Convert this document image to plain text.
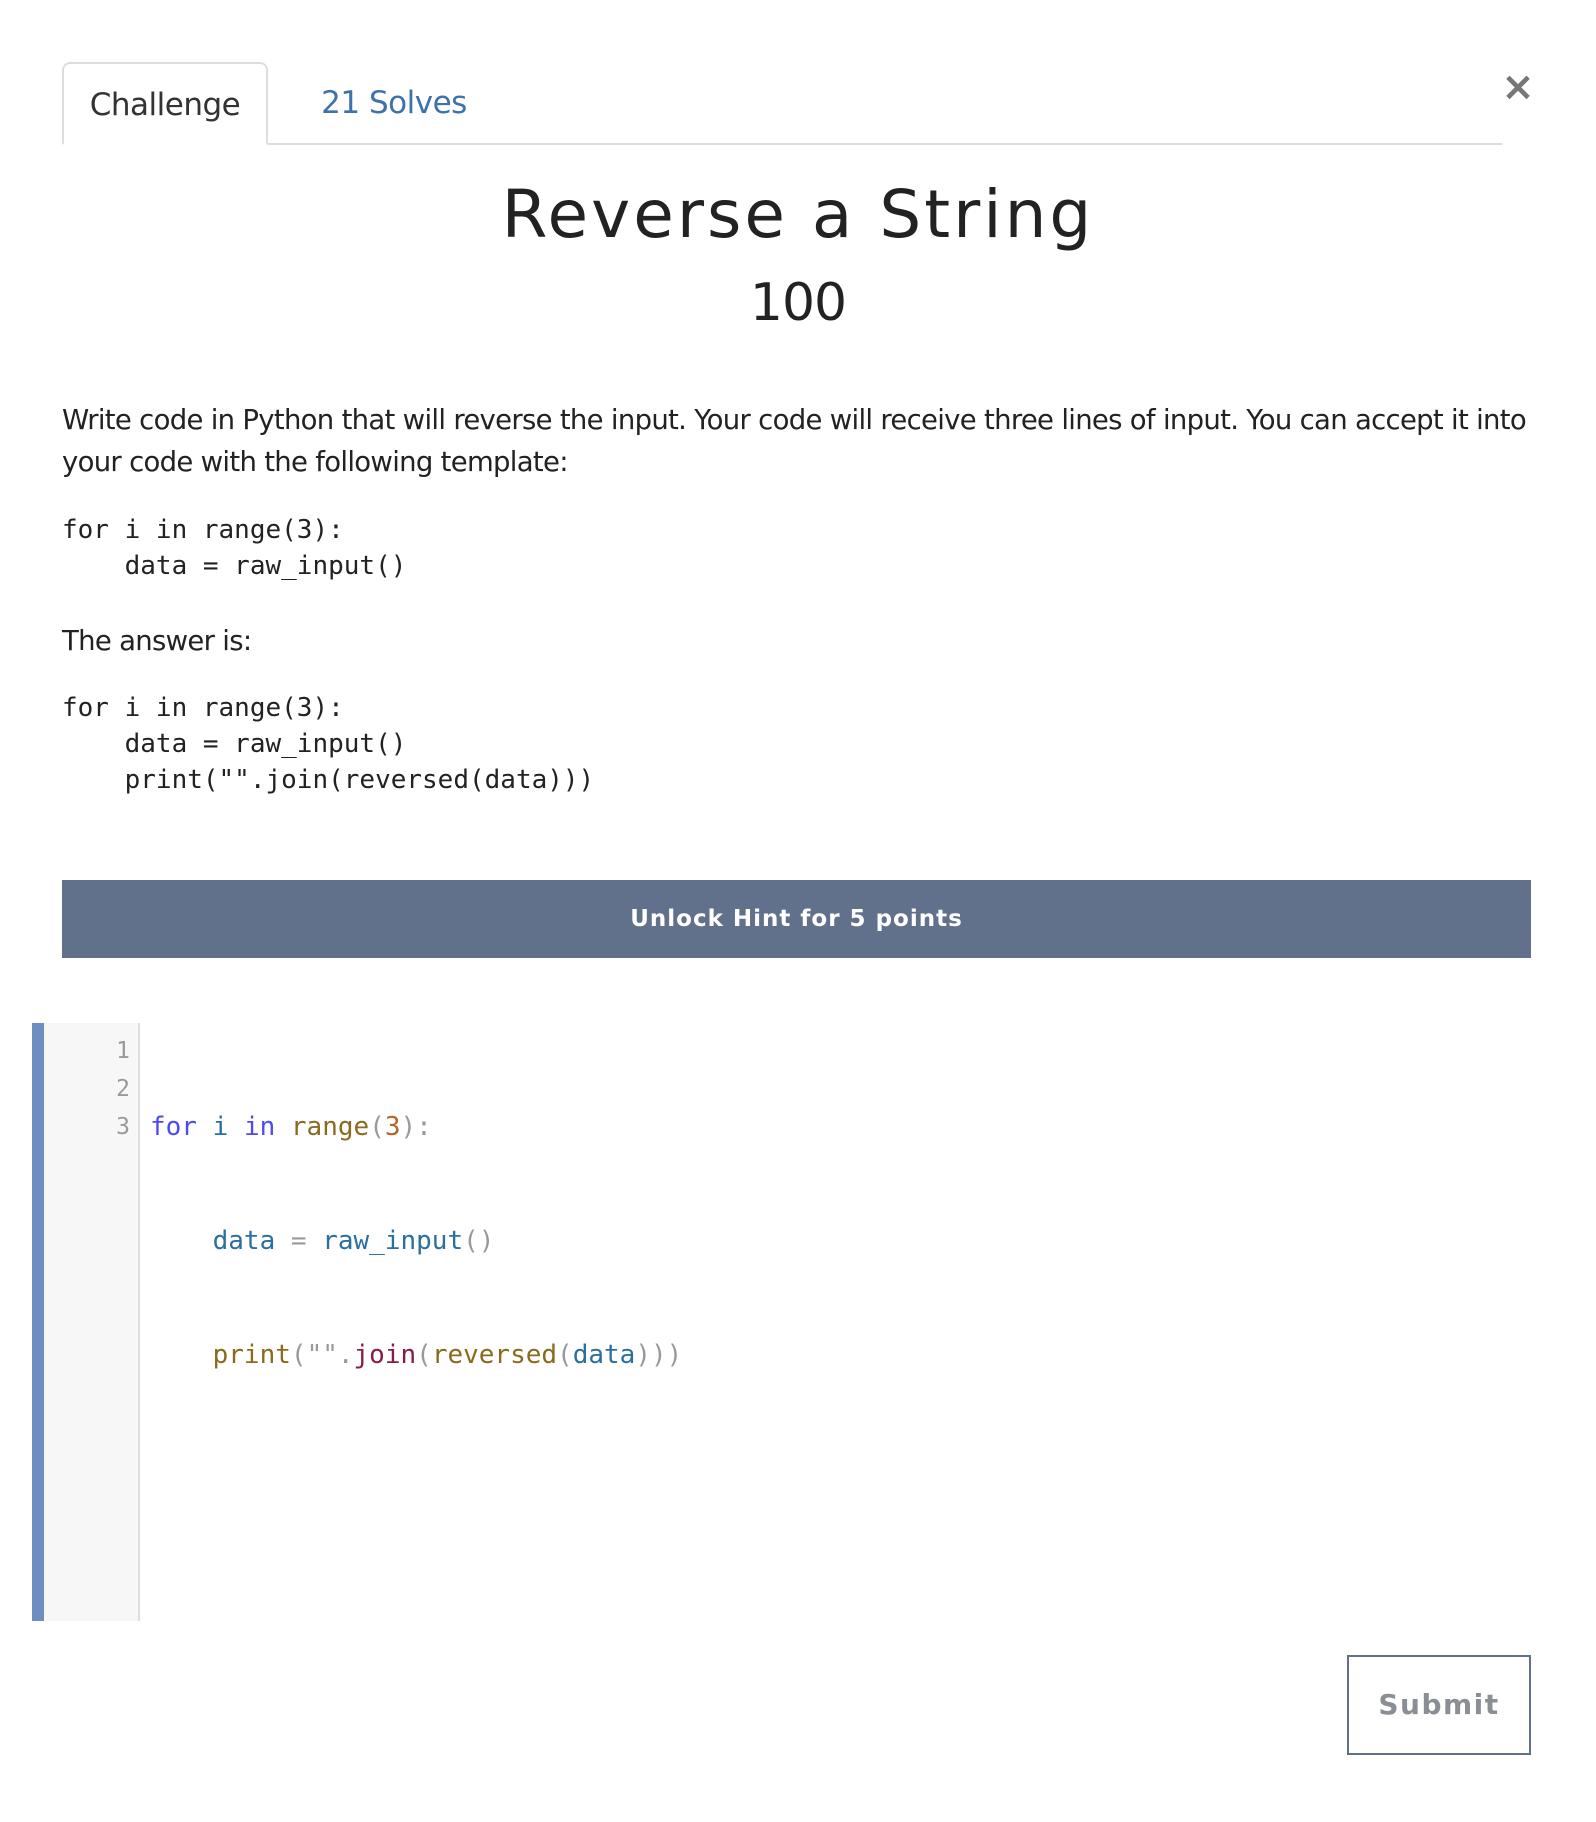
Challenge	21 Solves	×
Reverse a String
100

Write code in Python that will reverse the input. Your code will receive three lines of input. You can accept it into your code with the following template:

for i in range(3):
data = raw_input()

The answer is:

for i in range(3):
data = raw_input()
print("".join(reversed(data)))
Unlock Hint for 5 points
1
2
3

for i in range(3):

data = raw_input()

print("".join(reversed(data)))

Submit
